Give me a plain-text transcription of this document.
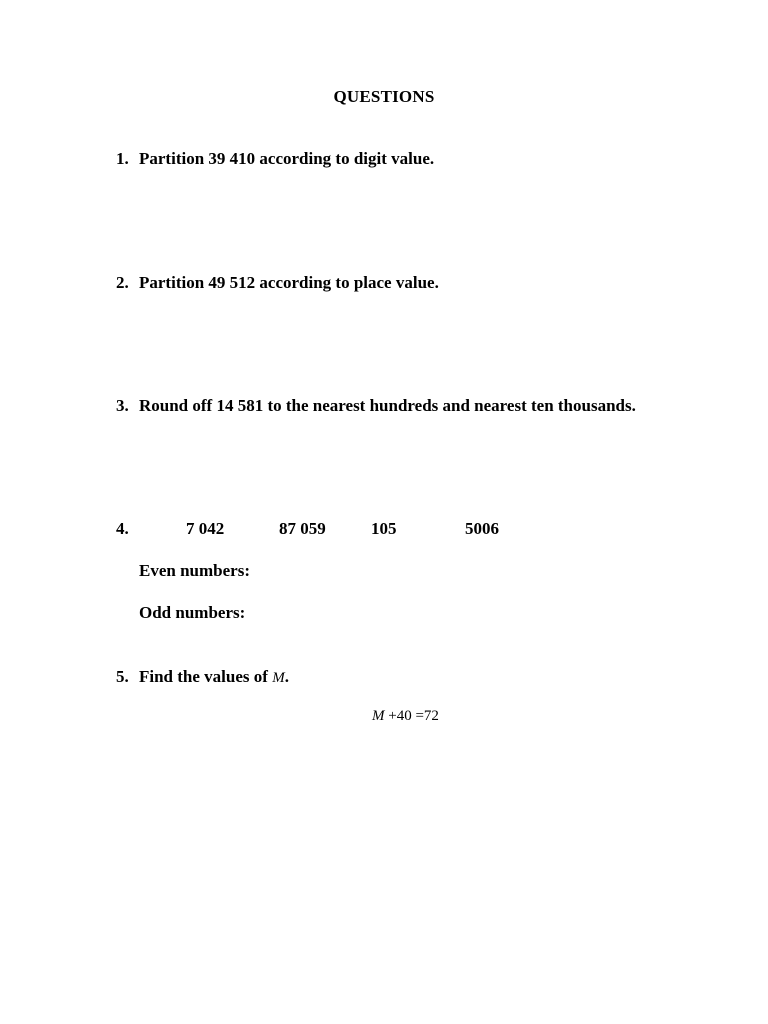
QUESTIONS
1. Partition 39 410 according to digit value.
2. Partition 49 512 according to place value.
3. Round off 14 581 to the nearest hundreds and nearest ten thousands.
4.	7 042	87 059	105	5006
Even numbers:
Odd numbers:
5. Find the values of M.
M +40 =72
